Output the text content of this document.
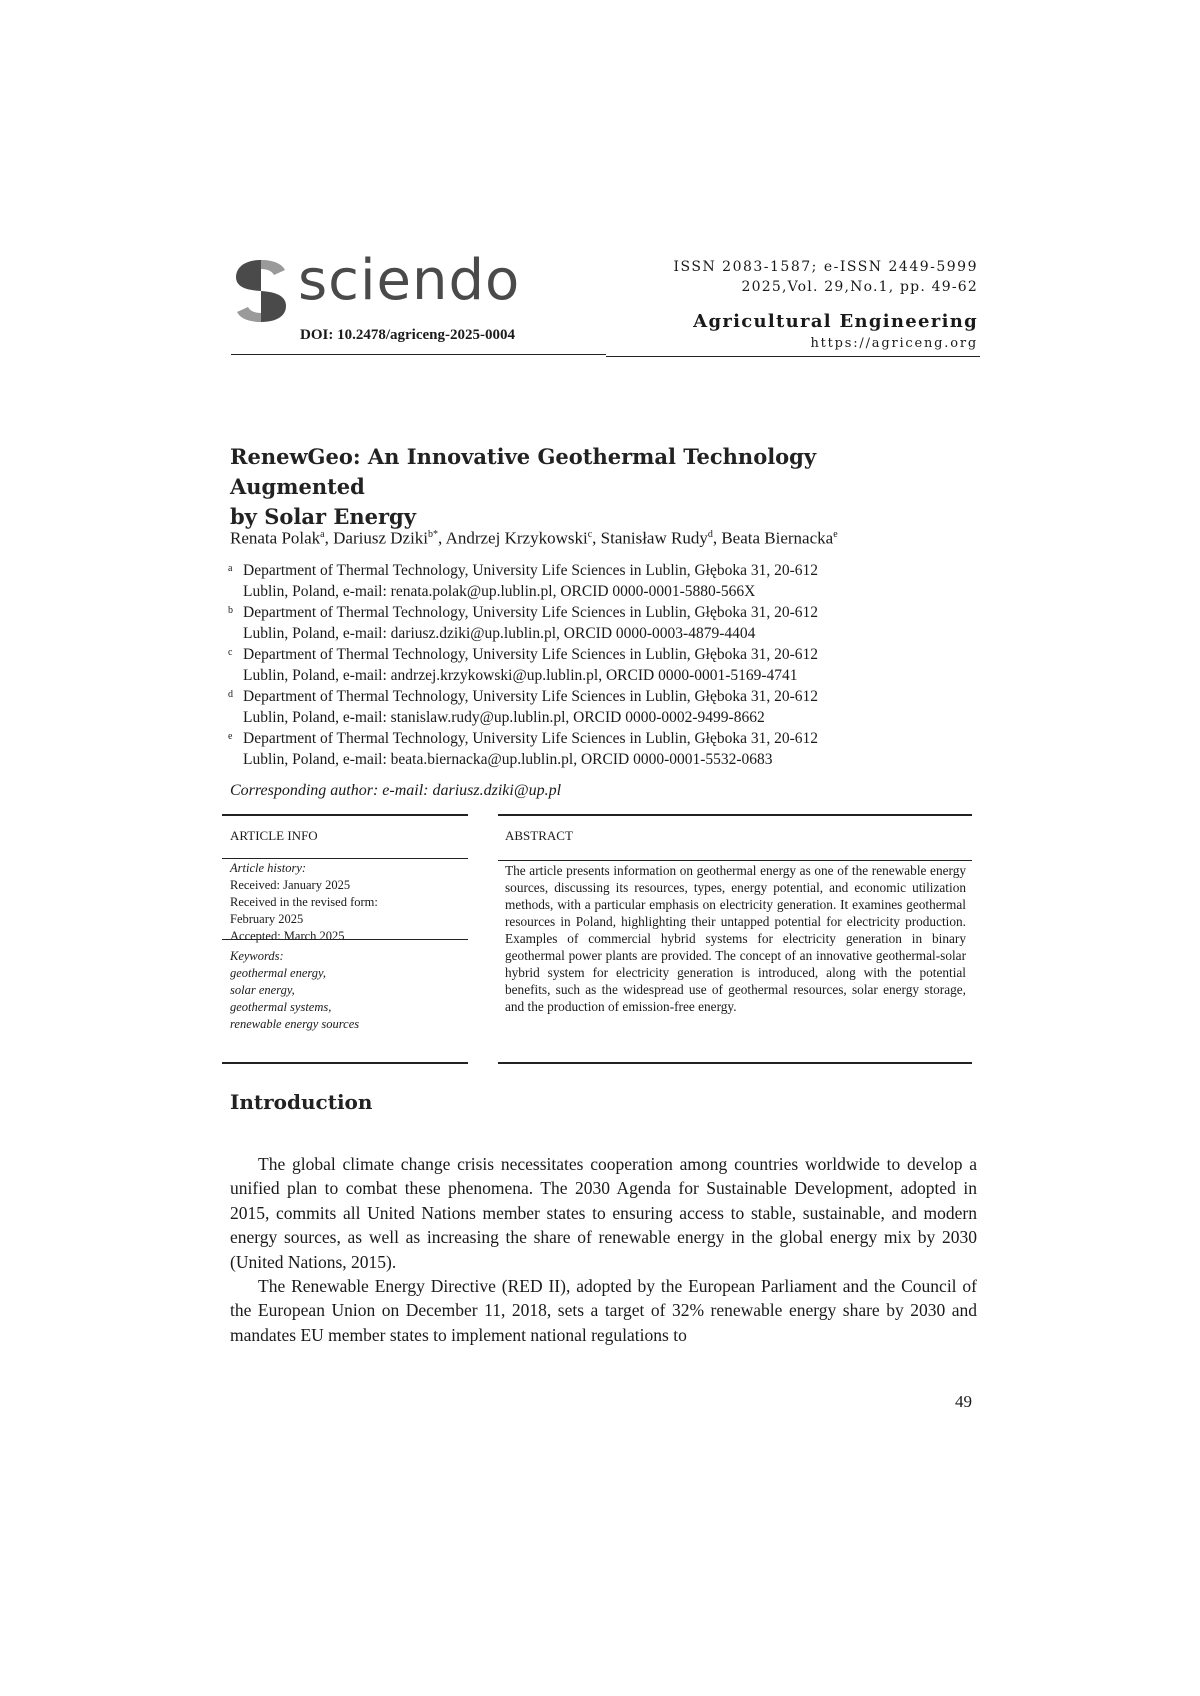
sciendo
DOI: 10.2478/agriceng-2025-0004
ISSN 2083-1587; e-ISSN 2449-5999
2025,Vol. 29,No.1, pp. 49-62
Agricultural Engineering
https://agriceng.org
RenewGeo: An Innovative Geothermal Technology Augmented
by Solar Energy
Renata Polak$^a$, Dariusz Dziki$^{b*}$, Andrzej Krzykowski$^c$, Stanisław Rudy$^d$, Beata Biernacka$^e$
a Department of Thermal Technology, University Life Sciences in Lublin, Głęboka 31, 20-612
Lublin, Poland, e-mail: renata.polak@up.lublin.pl, ORCID 0000-0001-5880-566X
b Department of Thermal Technology, University Life Sciences in Lublin, Głęboka 31, 20-612
Lublin, Poland, e-mail: dariusz.dziki@up.lublin.pl, ORCID 0000-0003-4879-4404
c Department of Thermal Technology, University Life Sciences in Lublin, Głęboka 31, 20-612
Lublin, Poland, e-mail: andrzej.krzykowski@up.lublin.pl, ORCID 0000-0001-5169-4741
d Department of Thermal Technology, University Life Sciences in Lublin, Głęboka 31, 20-612
Lublin, Poland, e-mail: stanislaw.rudy@up.lublin.pl, ORCID 0000-0002-9499-8662
e Department of Thermal Technology, University Life Sciences in Lublin, Głęboka 31, 20-612
Lublin, Poland, e-mail: beata.biernacka@up.lublin.pl, ORCID 0000-0001-5532-0683
Corresponding author: e-mail: dariusz.dziki@up.pl
ARTICLE INFO	ABSTRACT
Article history:
Received: January 2025
Received in the revised form:
February 2025
Accepted: March 2025
Keywords:
geothermal energy,
solar energy,
geothermal systems,
renewable energy sources
The article presents information on geothermal energy as one of the renewable energy sources, discussing its resources, types, energy potential, and economic utilization methods, with a particular emphasis on electricity generation. It examines geothermal resources in Poland, highlighting their untapped potential for electricity production. Examples of commercial hybrid systems for electricity generation in binary geothermal power plants are provided. The concept of an innovative geothermal-solar hybrid system for electricity generation is introduced, along with the potential benefits, such as the widespread use of geothermal resources, solar energy storage, and the production of emission-free energy.
Introduction

The global climate change crisis necessitates cooperation among countries worldwide to develop a unified plan to combat these phenomena. The 2030 Agenda for Sustainable Development, adopted in 2015, commits all United Nations member states to ensuring access to stable, sustainable, and modern energy sources, as well as increasing the share of renewable energy in the global energy mix by 2030 (United Nations, 2015).

The Renewable Energy Directive (RED II), adopted by the European Parliament and the Council of the European Union on December 11, 2018, sets a target of 32% renewable energy share by 2030 and mandates EU member states to implement national regulations to

49
